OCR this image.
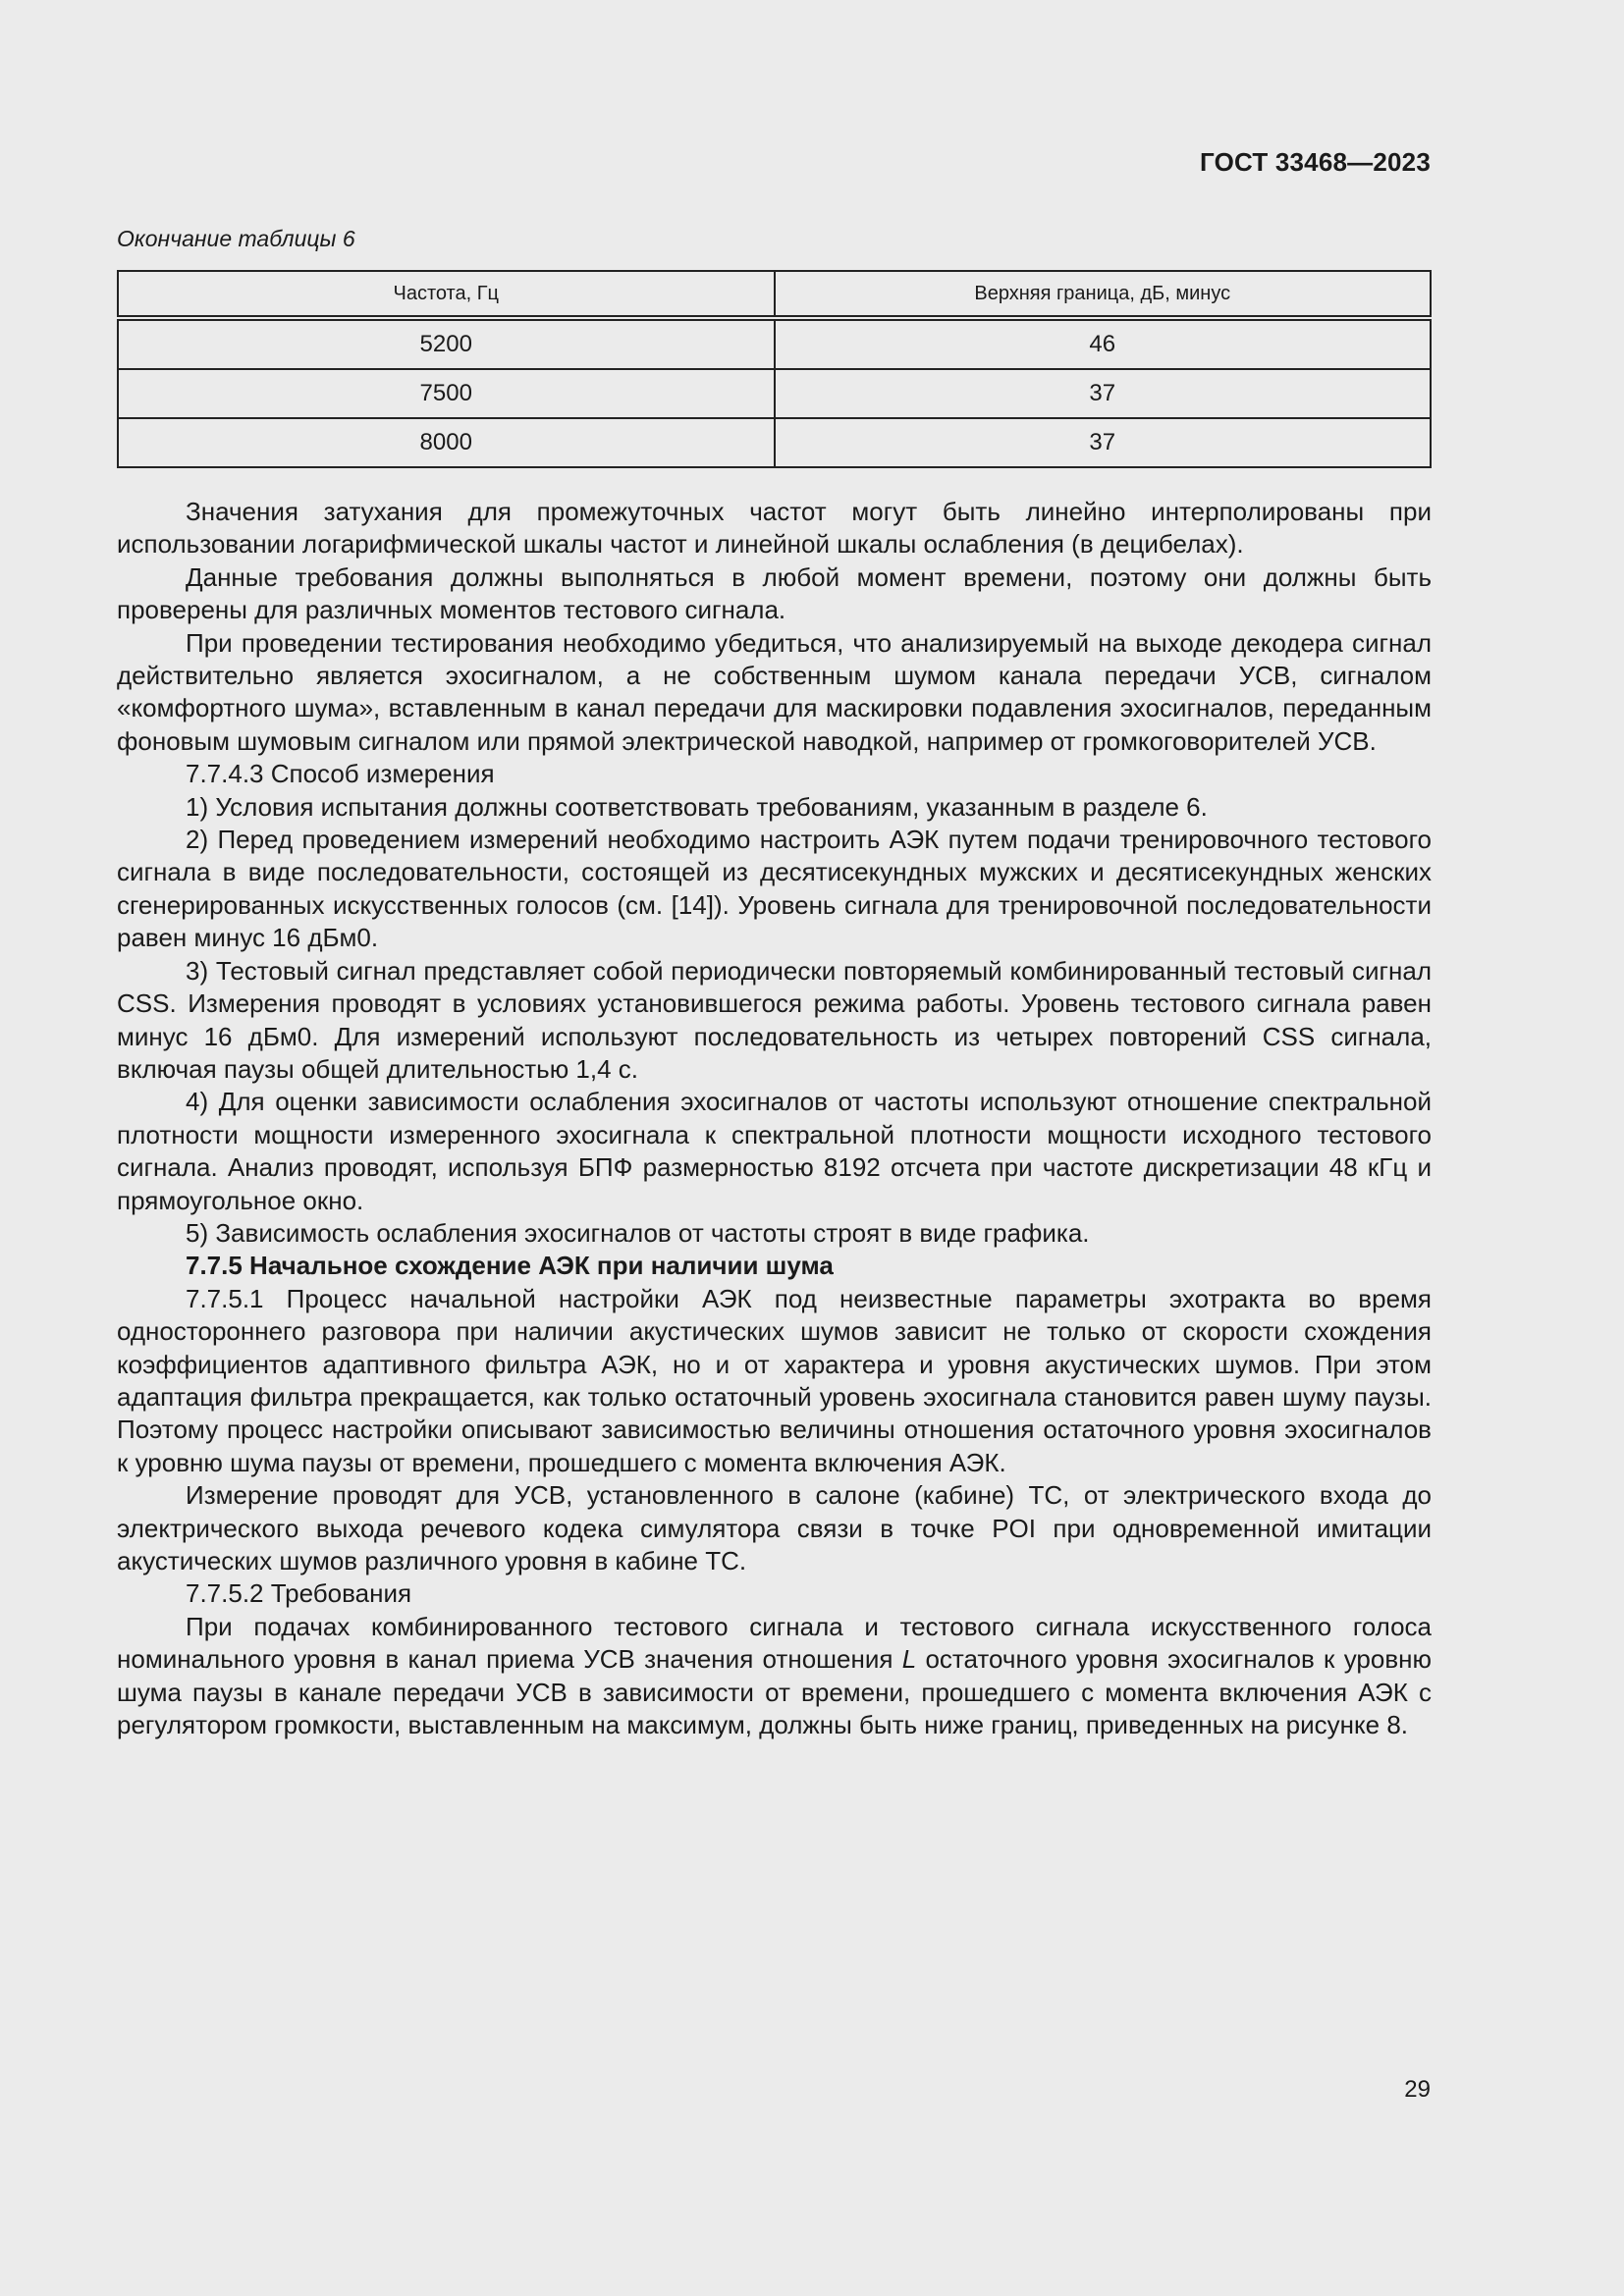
ГОСТ 33468—2023
Окончание таблицы 6
Частота, Гц	Верхняя граница, дБ, минус
5200	46
7500	37
8000	37

Значения затухания для промежуточных частот могут быть линейно интерполированы при использовании логарифмической шкалы частот и линейной шкалы ослабления (в децибелах).

Данные требования должны выполняться в любой момент времени, поэтому они должны быть проверены для различных моментов тестового сигнала.

При проведении тестирования необходимо убедиться, что анализируемый на выходе декодера сигнал действительно является эхосигналом, а не собственным шумом канала передачи УСВ, сигналом «комфортного шума», вставленным в канал передачи для маскировки подавления эхосигналов, переданным фоновым шумовым сигналом или прямой электрической наводкой, например от громкоговорителей УСВ.

7.7.4.3 Способ измерения

1) Условия испытания должны соответствовать требованиям, указанным в разделе 6.

2) Перед проведением измерений необходимо настроить АЭК путем подачи тренировочного тестового сигнала в виде последовательности, состоящей из десятисекундных мужских и десятисекундных женских сгенерированных искусственных голосов (см. [14]). Уровень сигнала для тренировочной последовательности равен минус 16 дБм0.

3) Тестовый сигнал представляет собой периодически повторяемый комбинированный тестовый сигнал CSS. Измерения проводят в условиях установившегося режима работы. Уровень тестового сигнала равен минус 16 дБм0. Для измерений используют последовательность из четырех повторений CSS сигнала, включая паузы общей длительностью 1,4 с.

4) Для оценки зависимости ослабления эхосигналов от частоты используют отношение спектральной плотности мощности измеренного эхосигнала к спектральной плотности мощности исходного тестового сигнала. Анализ проводят, используя БПФ размерностью 8192 отсчета при частоте дискретизации 48 кГц и прямоугольное окно.

5) Зависимость ослабления эхосигналов от частоты строят в виде графика.

7.7.5 Начальное схождение АЭК при наличии шума

7.7.5.1 Процесс начальной настройки АЭК под неизвестные параметры эхотракта во время одностороннего разговора при наличии акустических шумов зависит не только от скорости схождения коэффициентов адаптивного фильтра АЭК, но и от характера и уровня акустических шумов. При этом адаптация фильтра прекращается, как только остаточный уровень эхосигнала становится равен шуму паузы. Поэтому процесс настройки описывают зависимостью величины отношения остаточного уровня эхосигналов к уровню шума паузы от времени, прошедшего с момента включения АЭК.

Измерение проводят для УСВ, установленного в салоне (кабине) ТС, от электрического входа до электрического выхода речевого кодека симулятора связи в точке POI при одновременной имитации акустических шумов различного уровня в кабине ТС.

7.7.5.2 Требования

При подачах комбинированного тестового сигнала и тестового сигнала искусственного голоса номинального уровня в канал приема УСВ значения отношения L остаточного уровня эхосигналов к уровню шума паузы в канале передачи УСВ в зависимости от времени, прошедшего с момента включения АЭК с регулятором громкости, выставленным на максимум, должны быть ниже границ, приведенных на рисунке 8.

29
